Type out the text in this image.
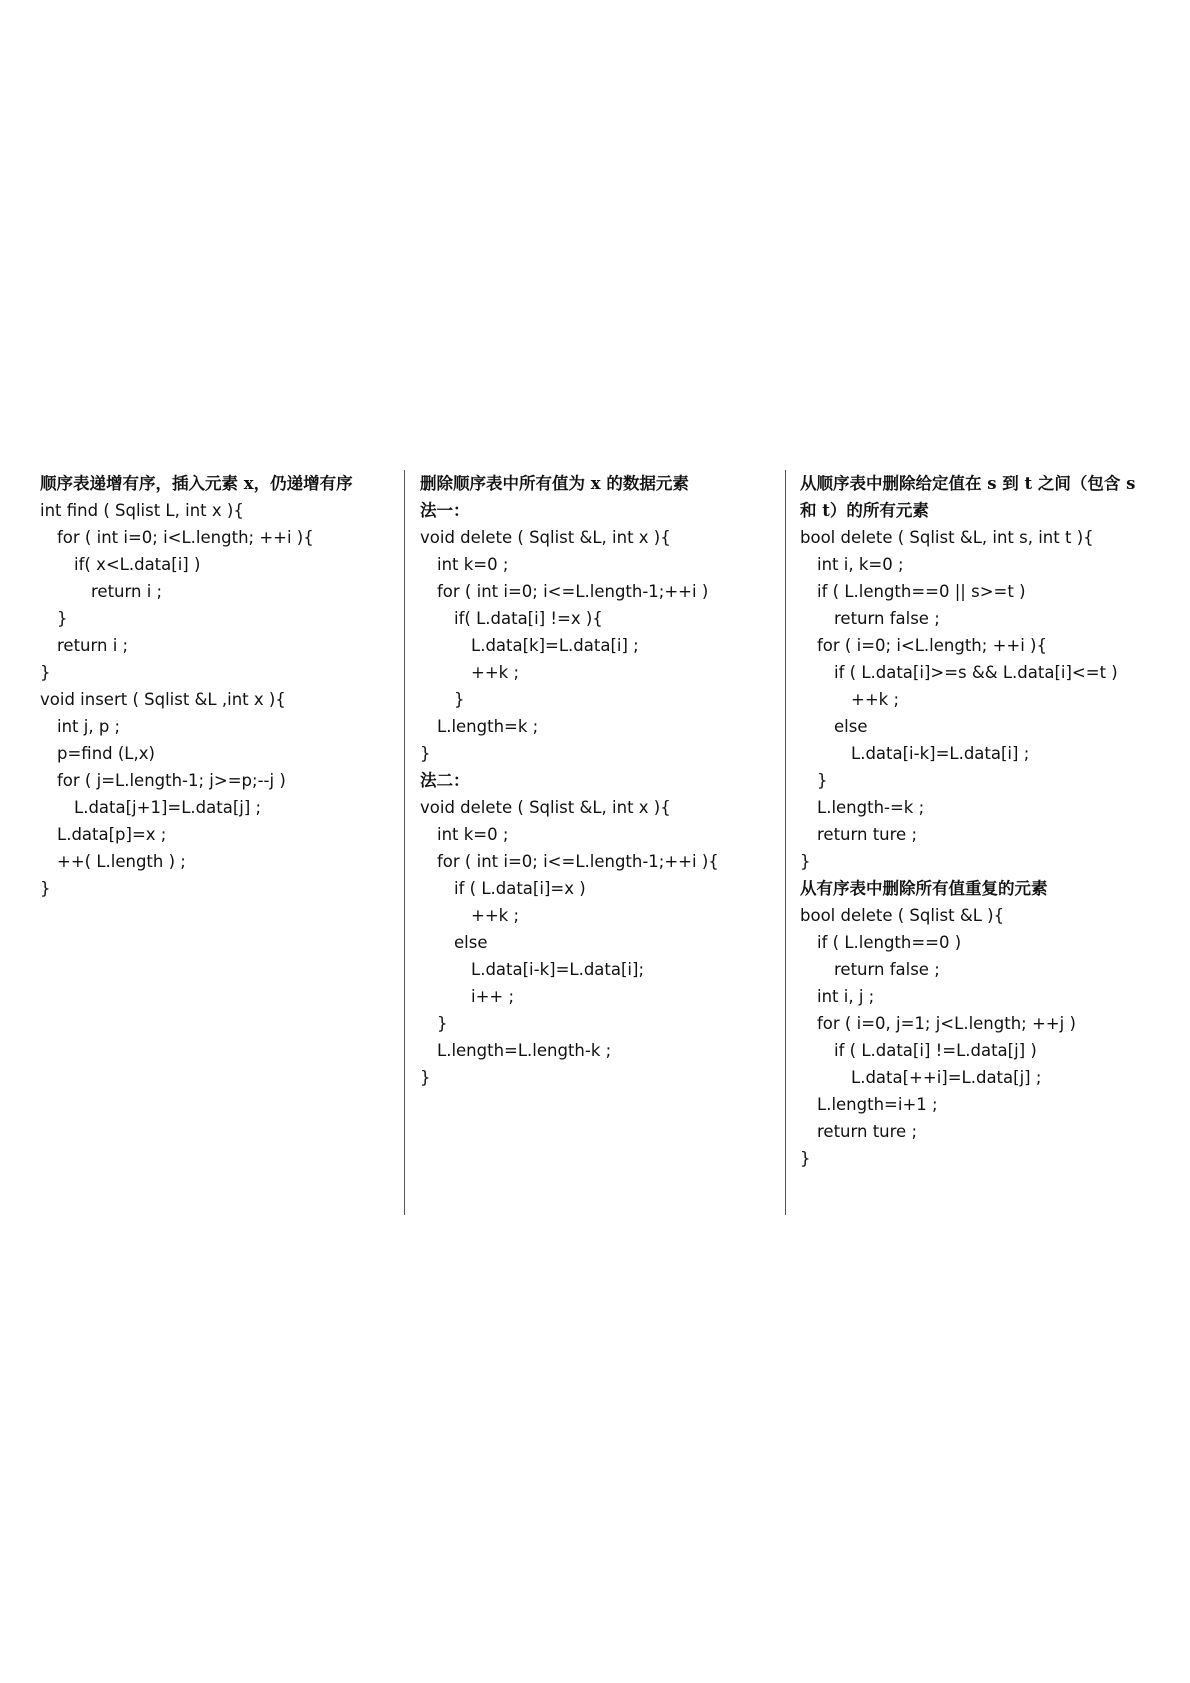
顺序表递增有序，插入元素 x，仍递增有序
int find ( Sqlist L, int x ){
for ( int i=0; i<L.length; ++i ){
if( x<L.data[i] )
return i ;
}
return i ;
}
void insert ( Sqlist &L ,int x ){
int j, p ;
p=find (L,x)
for ( j=L.length-1; j>=p;--j )
L.data[j+1]=L.data[j] ;
L.data[p]=x ;
++( L.length ) ;
}
删除顺序表中所有值为 x 的数据元素
法一：
void delete ( Sqlist &L, int x ){
int k=0 ;
for ( int i=0; i<=L.length-1;++i )
if( L.data[i] !=x ){
L.data[k]=L.data[i] ;
++k ;
}
L.length=k ;
}
法二：
void delete ( Sqlist &L, int x ){
int k=0 ;
for ( int i=0; i<=L.length-1;++i ){
if ( L.data[i]=x )
++k ;
else
L.data[i-k]=L.data[i];
i++ ;
}
L.length=L.length-k ;
}
从顺序表中删除给定值在 s 到 t 之间（包含 s
和 t）的所有元素
bool delete ( Sqlist &L, int s, int t ){
int i, k=0 ;
if ( L.length==0 || s>=t )
return false ;
for ( i=0; i<L.length; ++i ){
if ( L.data[i]>=s && L.data[i]<=t )
++k ;
else
L.data[i-k]=L.data[i] ;
}
L.length-=k ;
return ture ;
}
从有序表中删除所有值重复的元素
bool delete ( Sqlist &L ){
if ( L.length==0 )
return false ;
int i, j ;
for ( i=0, j=1; j<L.length; ++j )
if ( L.data[i] !=L.data[j] )
L.data[++i]=L.data[j] ;
L.length=i+1 ;
return ture ;
}
